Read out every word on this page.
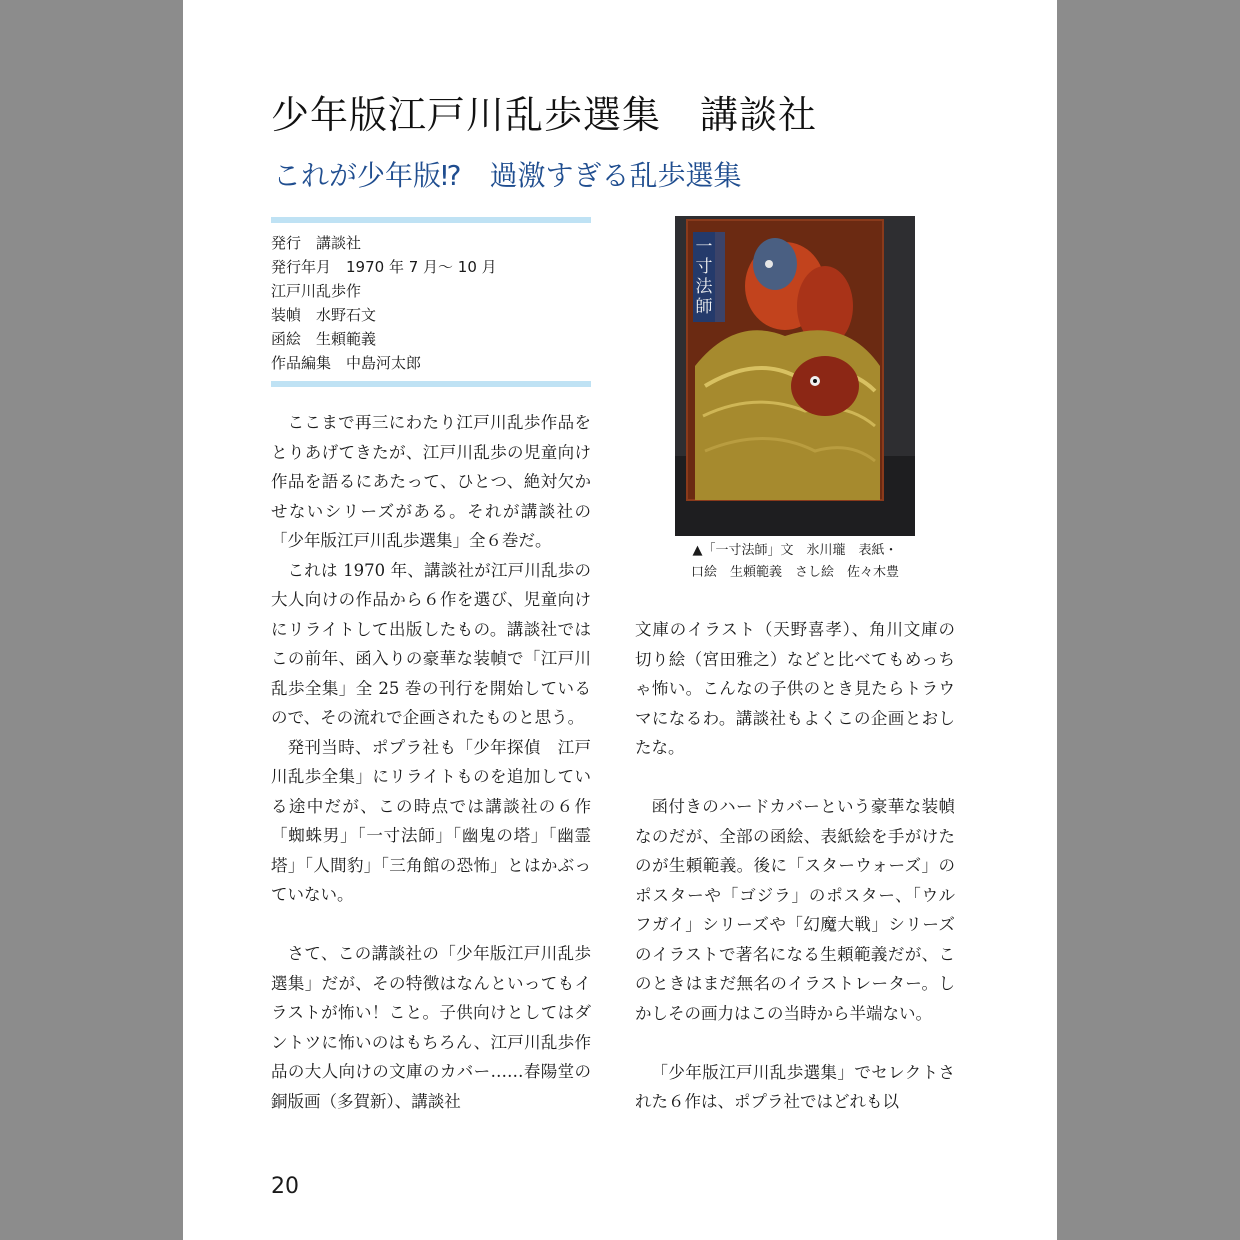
少年版江戸川乱歩選集　講談社
これが少年版⁉　過激すぎる乱歩選集
発行　講談社
発行年月　1970 年 7 月～ 10 月
江戸川乱歩作
装幀　水野石文
函絵　生頼範義
作品編集　中島河太郎

ここまで再三にわたり江戸川乱歩作品をとりあげてきたが、江戸川乱歩の児童向け作品を語るにあたって、ひとつ、絶対欠かせないシリーズがある。それが講談社の「少年版江戸川乱歩選集」全６巻だ。

これは 1970 年、講談社が江戸川乱歩の大人向けの作品から６作を選び、児童向けにリライトして出版したもの。講談社ではこの前年、函入りの豪華な装幀で「江戸川乱歩全集」全 25 巻の刊行を開始しているので、その流れで企画されたものと思う。

発刊当時、ポプラ社も「少年探偵　江戸川乱歩全集」にリライトものを追加している途中だが、この時点では講談社の６作「蜘蛛男」「一寸法師」「幽鬼の塔」「幽霊塔」「人間豹」「三角館の恐怖」とはかぶっていない。

さて、この講談社の「少年版江戸川乱歩選集」だが、その特徴はなんといってもイラストが怖い！こと。子供向けとしてはダントツに怖いのはもちろん、江戸川乱歩作品の大人向けの文庫のカバー……春陽堂の銅版画（多賀新）、講談社

一
寸
法
師
▲「一寸法師」文　氷川瓏　表紙・
口絵　生頼範義　さし絵　佐々木豊

文庫のイラスト（天野喜孝）、角川文庫の切り絵（宮田雅之）などと比べてもめっちゃ怖い。こんなの子供のとき見たらトラウマになるわ。講談社もよくこの企画とおしたな。

函付きのハードカバーという豪華な装幀なのだが、全部の函絵、表紙絵を手がけたのが生頼範義。後に「スターウォーズ」のポスターや「ゴジラ」のポスター、「ウルフガイ」シリーズや「幻魔大戦」シリーズのイラストで著名になる生頼範義だが、このときはまだ無名のイラストレーター。しかしその画力はこの当時から半端ない。

「少年版江戸川乱歩選集」でセレクトされた６作は、ポプラ社ではどれも以

20
